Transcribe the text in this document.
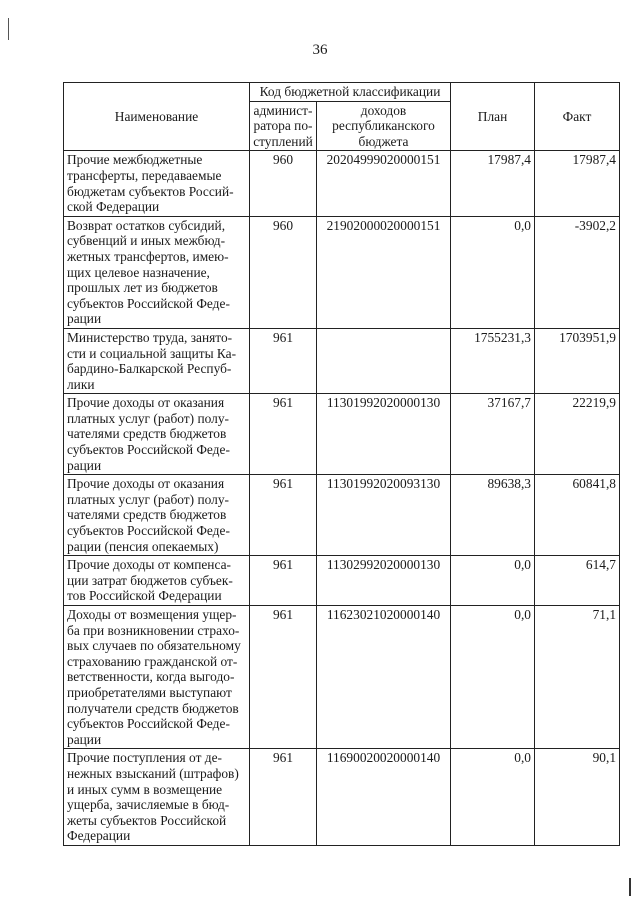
36
Наименование	Код бюджетной классификации		План	Факт
	админист-ратора по-ступлений	доходов республиканского бюджета		
Прочие межбюджетные трансферты, передаваемые бюджетам субъектов Россий-ской Федерации	960	20204999020000151	17987,4	17987,4
Возврат остатков субсидий, субвенций и иных межбюд-жетных трансфертов, имею-щих целевое назначение, прошлых лет из бюджетов субъектов Российской Феде-рации	960	21902000020000151	0,0	-3902,2
Министерство труда, занято-сти и социальной защиты Ка-бардино-Балкарской Респуб-лики	961		1755231,3	1703951,9
Прочие доходы от оказания платных услуг (работ) полу-чателями средств бюджетов субъектов Российской Феде-рации	961	11301992020000130	37167,7	22219,9
Прочие доходы от оказания платных услуг (работ) полу-чателями средств бюджетов субъектов Российской Феде-рации (пенсия опекаемых)	961	11301992020093130	89638,3	60841,8
Прочие доходы от компенса-ции затрат бюджетов субъек-тов Российской Федерации	961	11302992020000130	0,0	614,7
Доходы от возмещения ущер-ба при возникновении страхо-вых случаев по обязательному страхованию гражданской от-ветственности, когда выгодо-приобретателями выступают получатели средств бюджетов субъектов Российской Феде-рации	961	11623021020000140	0,0	71,1
Прочие поступления от де-нежных взысканий (штрафов) и иных сумм в возмещение ущерба, зачисляемые в бюд-жеты субъектов Российской Федерации	961	11690020020000140	0,0	90,1
